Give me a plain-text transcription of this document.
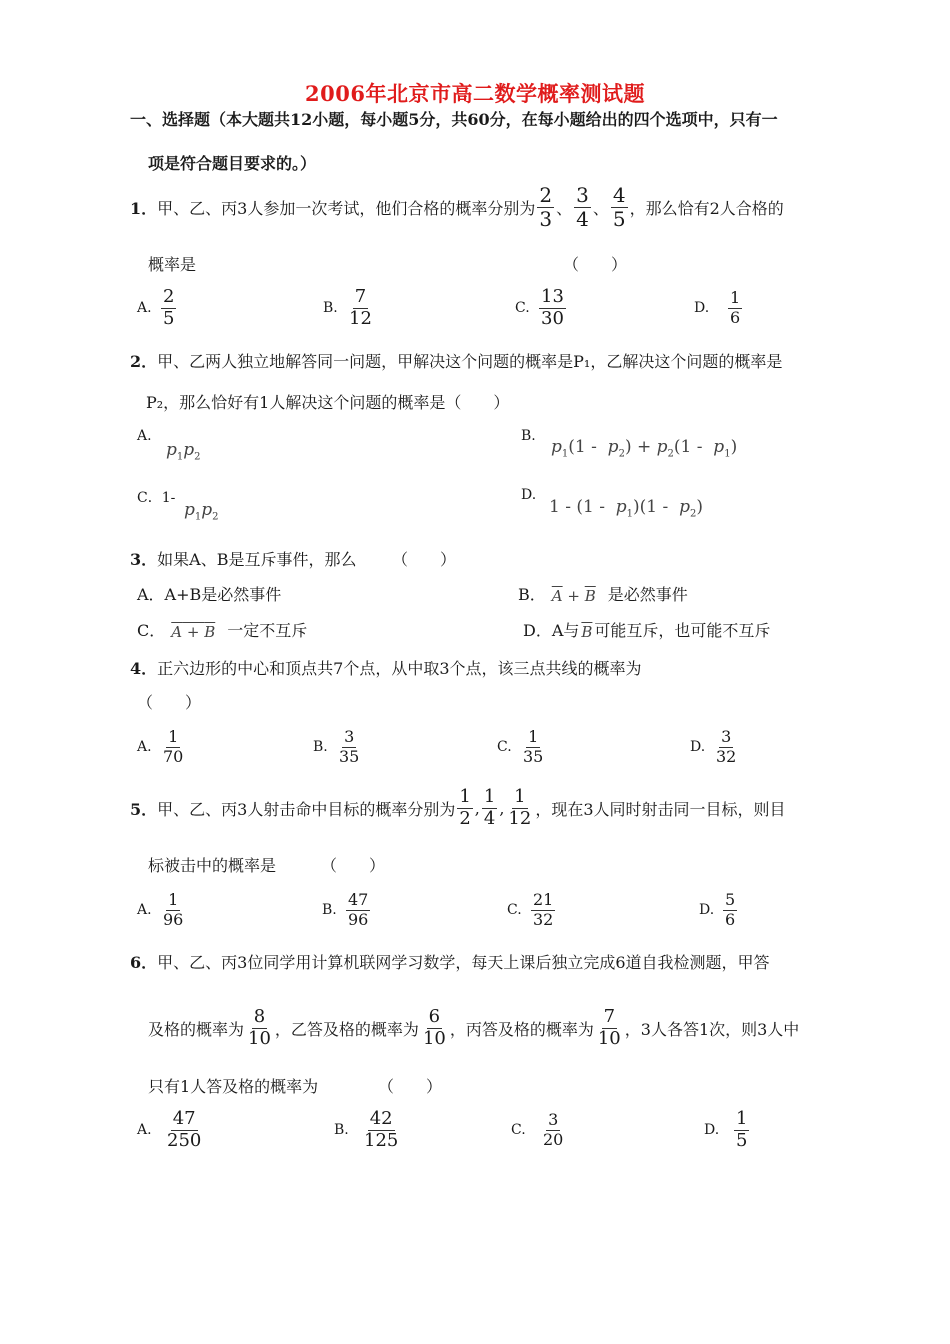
2006年北京市高二数学概率测试题
一、选择题（本大题共12小题，每小题5分，共60分，在每小题给出的四个选项中，只有一
项是符合题目要求的。）
1． 甲、乙、丙3人参加一次考试，他们合格的概率分别为 $\frac{2}{3}$ 、 $\frac{3}{4}$ 、 $\frac{4}{5}$ ，那么恰有2人合格的
概率是	（　　）
A. $\frac{2}{5}$	B. $\frac{7}{12}$	C. $\frac{13}{30}$	D.	$\frac{1}{6}$
2．甲、乙两人独立地解答同一问题，甲解决这个问题的概率是P₁，乙解决这个问题的概率是
P₂，那么恰好有1人解决这个问题的概率是（　　）
A.
$p_1p_2$
B.
$p_1(1 - p_2) + p_2(1 - p_1)$
C．1-
$p_1p_2$
D.
$1 - (1 - p_1)(1 - p_2)$
3．如果A、B是互斥事件，那么 （　　）
A．A+B是必然事件	B． $\overline{A} + \overline{B}$ 是必然事件
C． A + B 一定不互斥	D．A与 $\overline{B}$ 可能互斥，也可能不互斥
4．正六边形的中心和顶点共7个点，从中取3个点，该三点共线的概率为
（　　）
A. $\frac{1}{70}$	B. $\frac{3}{35}$	C. $\frac{1}{35}$	D. $\frac{3}{32}$
5． 甲、乙、丙3人射击命中目标的概率分别为 $\frac{1}{2}$ , $\frac{1}{4}$ , $\frac{1}{12}$ ，现在3人同时射击同一目标，则目
标被击中的概率是	（　　）
A. $\frac{1}{96}$	B. $\frac{47}{96}$	C. $\frac{21}{32}$	D. $\frac{5}{6}$
6．甲、乙、丙3位同学用计算机联网学习数学，每天上课后独立完成6道自我检测题，甲答
及格的概率为 $\frac{8}{10}$ ，乙答及格的概率为 $\frac{6}{10}$ ，丙答及格的概率为 $\frac{7}{10}$ ，3人各答1次，则3人中
只有1人答及格的概率为	（　　）
A. $\frac{47}{250}$	B. $\frac{42}{125}$	C. $\frac{3}{20}$	D. $\frac{1}{5}$
